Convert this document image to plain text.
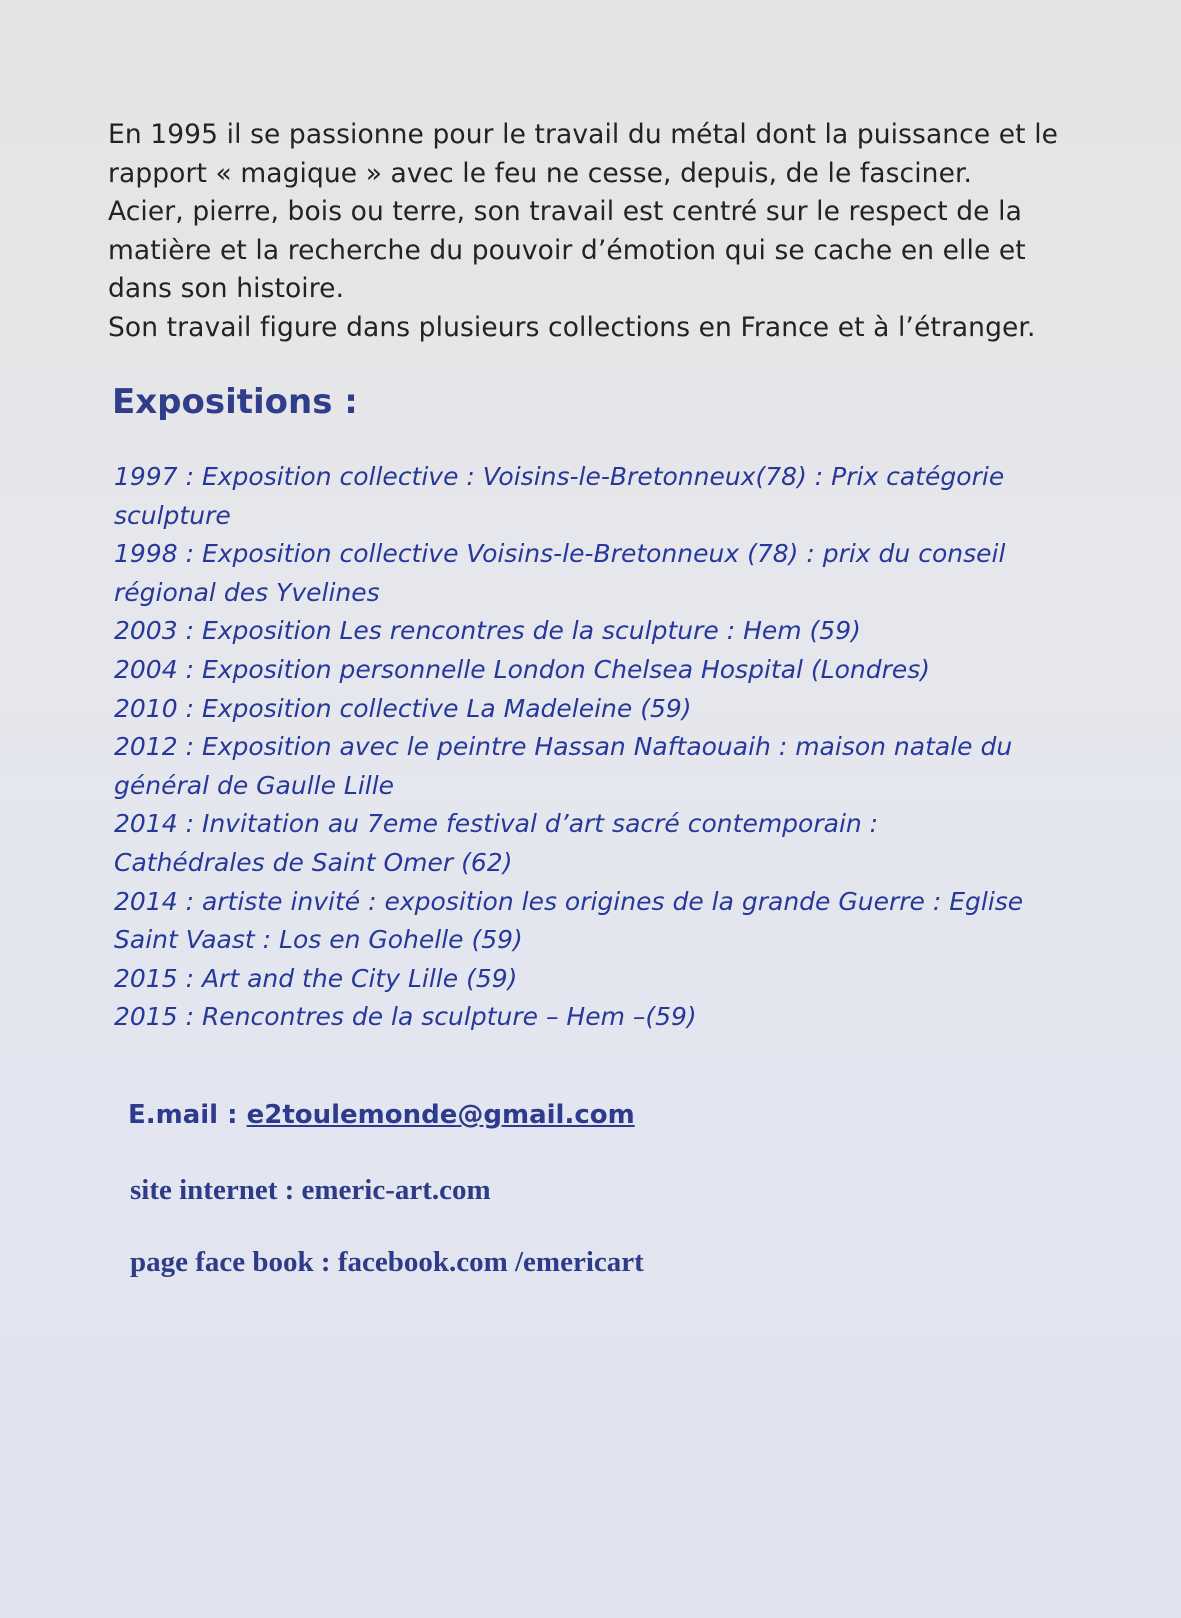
En 1995 il se passionne pour le travail du métal dont la puissance et le

rapport « magique » avec le feu ne cesse, depuis, de le fasciner.

Acier, pierre, bois ou terre, son travail est centré sur le respect de la

matière et la recherche du pouvoir d’émotion qui se cache en elle et

dans son histoire.

Son travail figure dans plusieurs collections en France et à l’étranger.

Expositions :
1997 : Exposition collective : Voisins-le-Bretonneux(78) : Prix catégorie
sculpture
1998 : Exposition collective Voisins-le-Bretonneux (78) : prix du conseil
régional des Yvelines
2003 : Exposition Les rencontres de la sculpture : Hem (59)
2004 : Exposition personnelle London Chelsea Hospital (Londres)
2010 : Exposition collective La Madeleine (59)
2012 : Exposition avec le peintre Hassan Naftaouaih : maison natale du
général de Gaulle Lille
2014 : Invitation au 7eme festival d’art sacré contemporain :
Cathédrales de Saint Omer (62)
2014 : artiste invité : exposition les origines de la grande Guerre : Eglise
Saint Vaast : Los en Gohelle (59)
2015 : Art and the City Lille (59)
2015 : Rencontres de la sculpture – Hem –(59)

E.mail : e2toulemonde@gmail.com

site internet : emeric-art.com

page face book : facebook.com /emericart
